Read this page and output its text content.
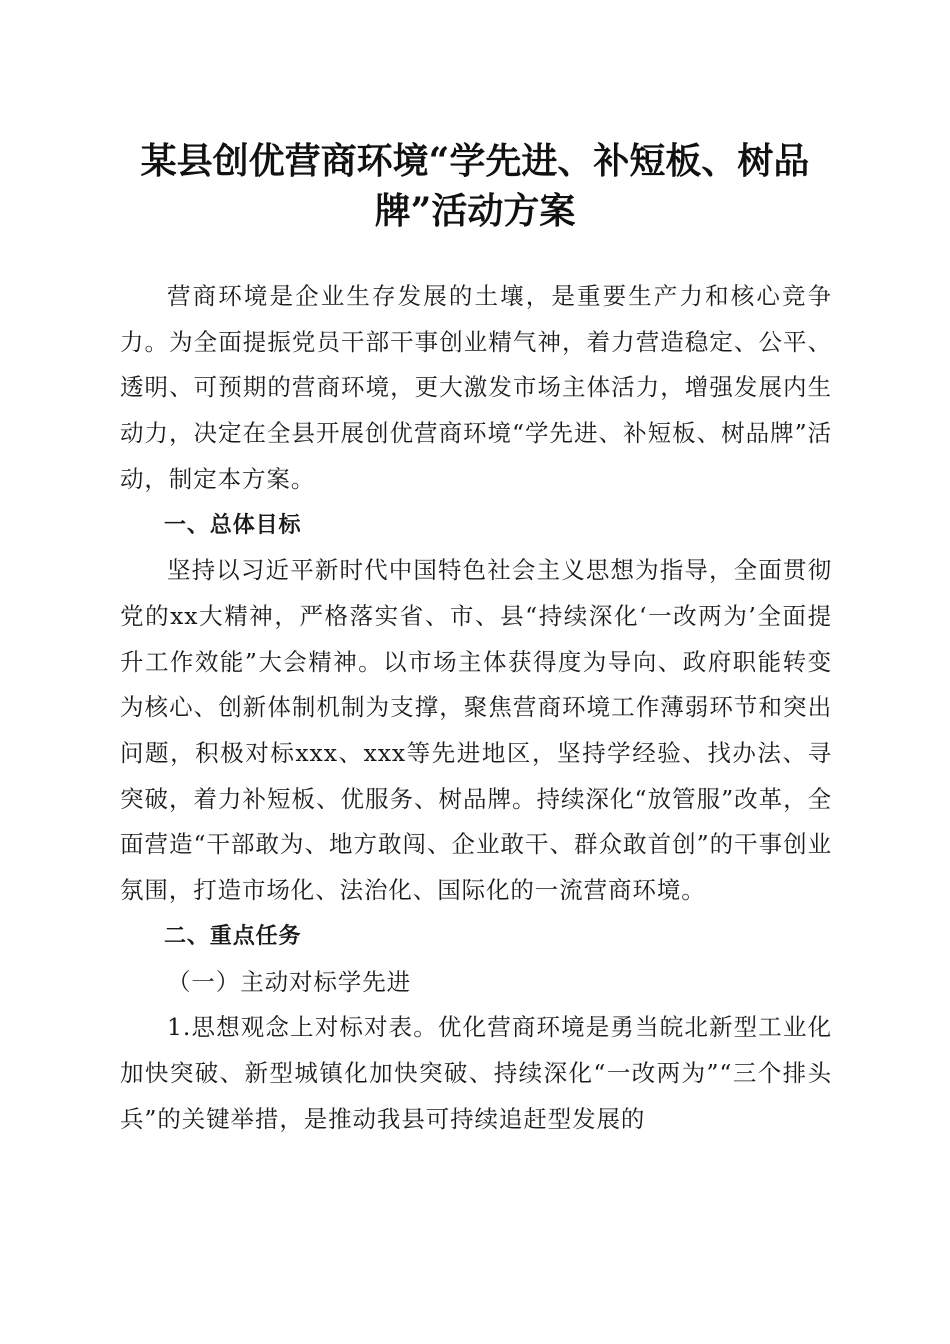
某县创优营商环境“学先进、补短板、树品
牌”活动方案

营商环境是企业生存发展的土壤，是重要生产力和核心竞争力。为全面提振党员干部干事创业精气神，着力营造稳定、公平、透明、可预期的营商环境，更大激发市场主体活力，增强发展内生动力，决定在全县开展创优营商环境“学先进、补短板、树品牌”活动，制定本方案。

一、总体目标

坚持以习近平新时代中国特色社会主义思想为指导，全面贯彻党的xx大精神，严格落实省、市、县“持续深化‘一改两为’全面提升工作效能”大会精神。以市场主体获得度为导向、政府职能转变为核心、创新体制机制为支撑，聚焦营商环境工作薄弱环节和突出问题，积极对标xxx、xxx等先进地区，坚持学经验、找办法、寻突破，着力补短板、优服务、树品牌。持续深化“放管服”改革，全面营造“干部敢为、地方敢闯、企业敢干、群众敢首创”的干事创业氛围，打造市场化、法治化、国际化的一流营商环境。

二、重点任务

（一）主动对标学先进

1.思想观念上对标对表。优化营商环境是勇当皖北新型工业化加快突破、新型城镇化加快突破、持续深化“一改两为”“三个排头兵”的关键举措，是推动我县可持续追赶型发展的
